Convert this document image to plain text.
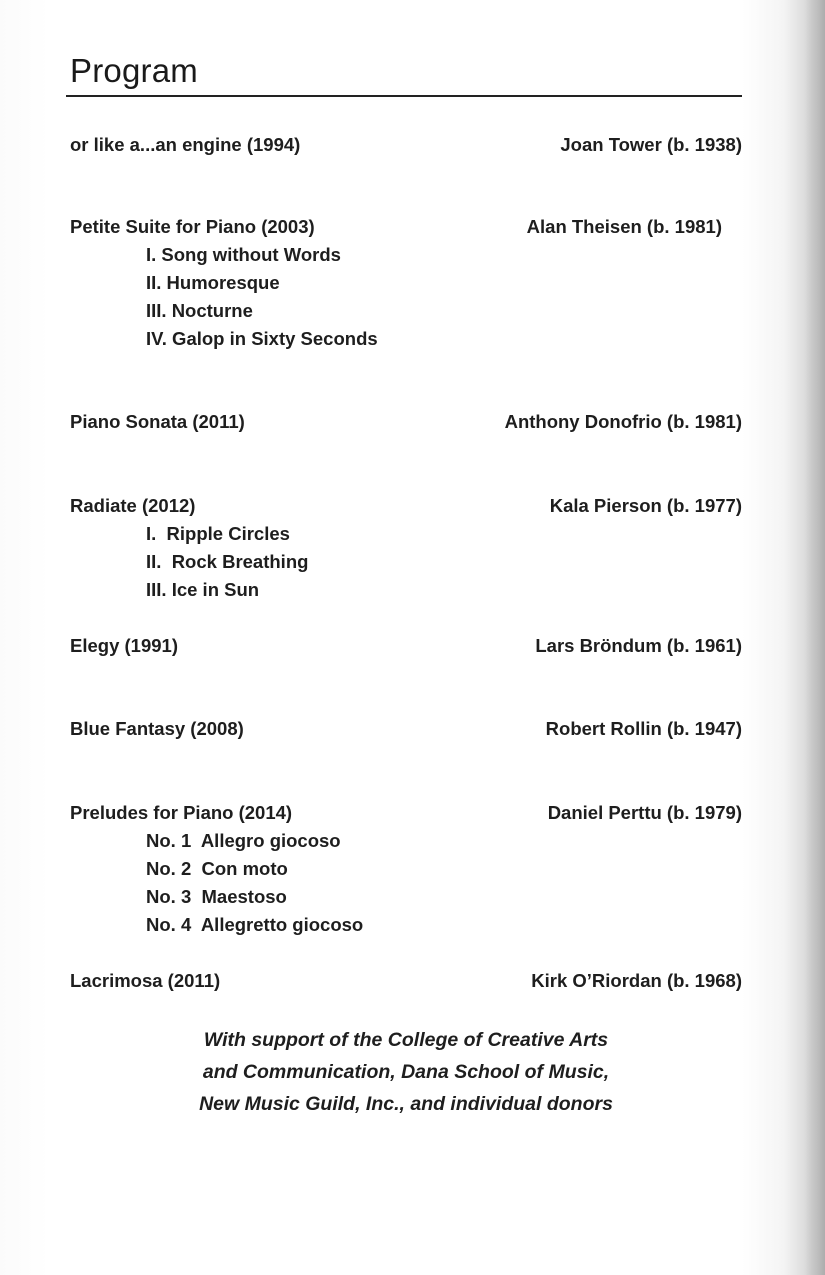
Program
or like a...an engine (1994)	Joan Tower (b. 1938)
Petite Suite for Piano (2003)	Alan Theisen (b. 1981)
I. Song without Words
II. Humoresque
III. Nocturne
IV. Galop in Sixty Seconds
Piano Sonata (2011)	Anthony Donofrio (b. 1981)
Radiate (2012)	Kala Pierson (b. 1977)
I.  Ripple Circles
II.  Rock Breathing
III. Ice in Sun
Elegy (1991)	Lars Bröndum (b. 1961)
Blue Fantasy (2008)	Robert Rollin (b. 1947)
Preludes for Piano (2014)	Daniel Perttu (b. 1979)
No. 1  Allegro giocoso
No. 2  Con moto
No. 3  Maestoso
No. 4  Allegretto giocoso
Lacrimosa (2011)	Kirk O’Riordan (b. 1968)
With support of the College of Creative Arts
and Communication, Dana School of Music,
New Music Guild, Inc., and individual donors
